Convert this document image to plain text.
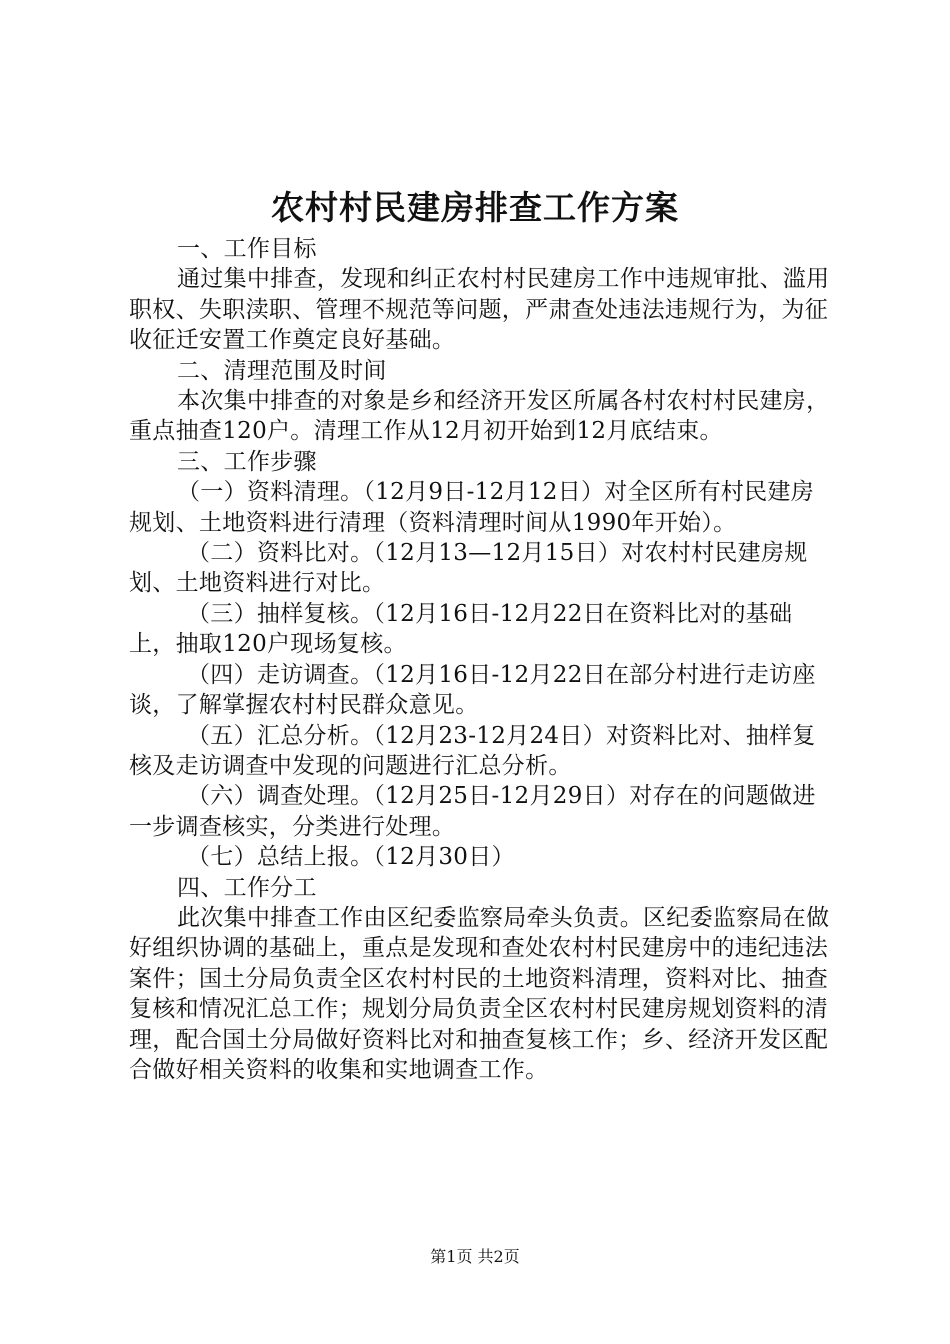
农村村民建房排查工作方案

一、工作目标

通过集中排查，发现和纠正农村村民建房工作中违规审批、滥用职权、失职渎职、管理不规范等问题，严肃查处违法违规行为，为征收征迁安置工作奠定良好基础。

二、清理范围及时间

本次集中排查的对象是乡和经济开发区所属各村农村村民建房，重点抽查120户。清理工作从12月初开始到12月底结束。

三、工作步骤

（一）资料清理。（12月9日-12月12日）对全区所有村民建房规划、土地资料进行清理（资料清理时间从1990年开始）。

（二）资料比对。（12月13—12月15日）对农村村民建房规划、土地资料进行对比。

（三）抽样复核。（12月16日-12月22日在资料比对的基础上，抽取120户现场复核。

（四）走访调查。（12月16日-12月22日在部分村进行走访座谈，了解掌握农村村民群众意见。

（五）汇总分析。（12月23-12月24日）对资料比对、抽样复核及走访调查中发现的问题进行汇总分析。

（六）调查处理。（12月25日-12月29日）对存在的问题做进一步调查核实，分类进行处理。

（七）总结上报。（12月30日）

四、工作分工

此次集中排查工作由区纪委监察局牵头负责。区纪委监察局在做好组织协调的基础上，重点是发现和查处农村村民建房中的违纪违法案件；国土分局负责全区农村村民的土地资料清理，资料对比、抽查复核和情况汇总工作；规划分局负责全区农村村民建房规划资料的清理，配合国土分局做好资料比对和抽查复核工作；乡、经济开发区配合做好相关资料的收集和实地调查工作。

第1页 共2页
